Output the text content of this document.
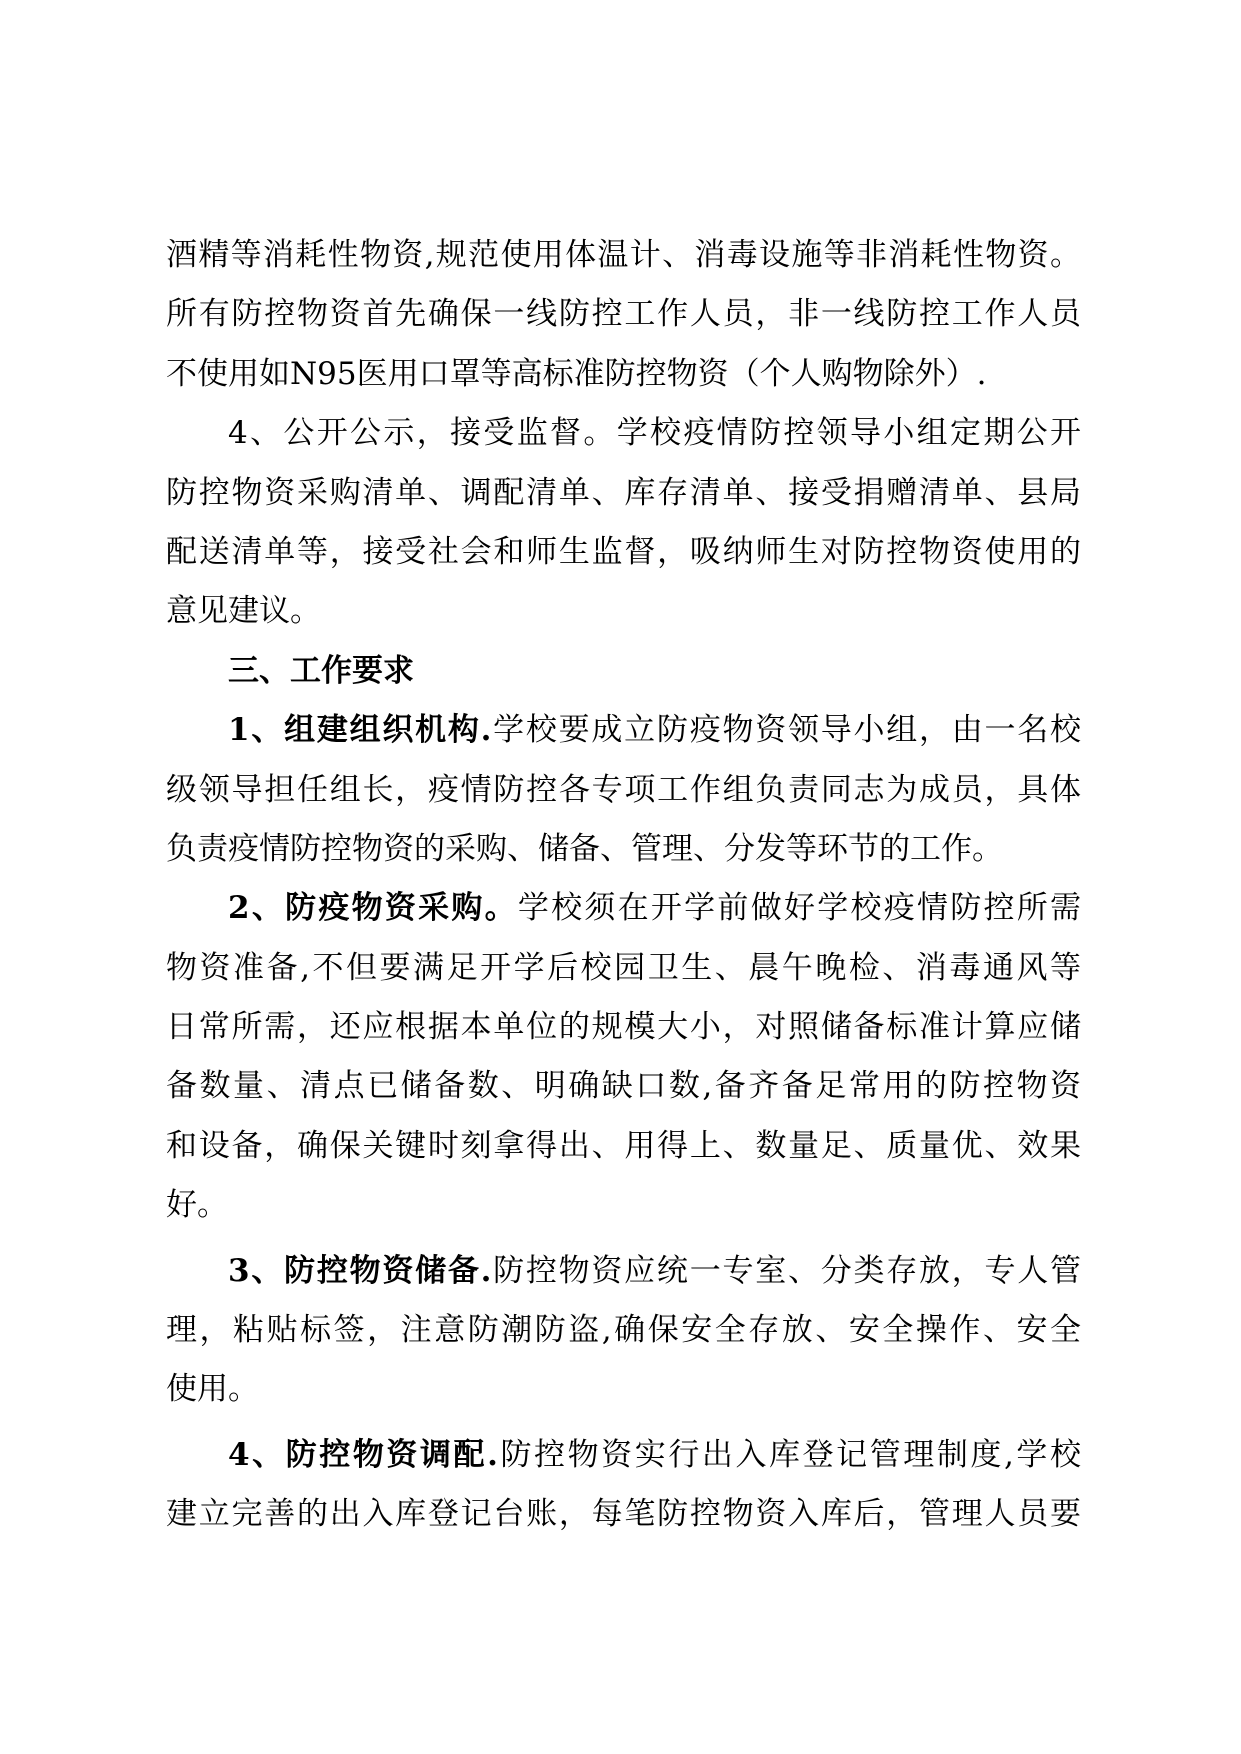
酒精等消耗性物资,规范使用体温计、消毒设施等非消耗性物资。
所有防控物资首先确保一线防控工作人员，非一线防控工作人员
不使用如N95医用口罩等高标准防控物资（个人购物除外）.
4、公开公示，接受监督。学校疫情防控领导小组定期公开
防控物资采购清单、调配清单、库存清单、接受捐赠清单、县局
配送清单等，接受社会和师生监督，吸纳师生对防控物资使用的
意见建议。
三、工作要求
1、组建组织机构.学校要成立防疫物资领导小组，由一名校
级领导担任组长，疫情防控各专项工作组负责同志为成员，具体
负责疫情防控物资的采购、储备、管理、分发等环节的工作。
2、防疫物资采购。学校须在开学前做好学校疫情防控所需
物资准备,不但要满足开学后校园卫生、晨午晚检、消毒通风等
日常所需，还应根据本单位的规模大小，对照储备标准计算应储
备数量、清点已储备数、明确缺口数,备齐备足常用的防控物资
和设备，确保关键时刻拿得出、用得上、数量足、质量优、效果
好。
3、防控物资储备.防控物资应统一专室、分类存放，专人管
理，粘贴标签，注意防潮防盗,确保安全存放、安全操作、安全
使用。
4、防控物资调配.防控物资实行出入库登记管理制度,学校
建立完善的出入库登记台账，每笔防控物资入库后，管理人员要
